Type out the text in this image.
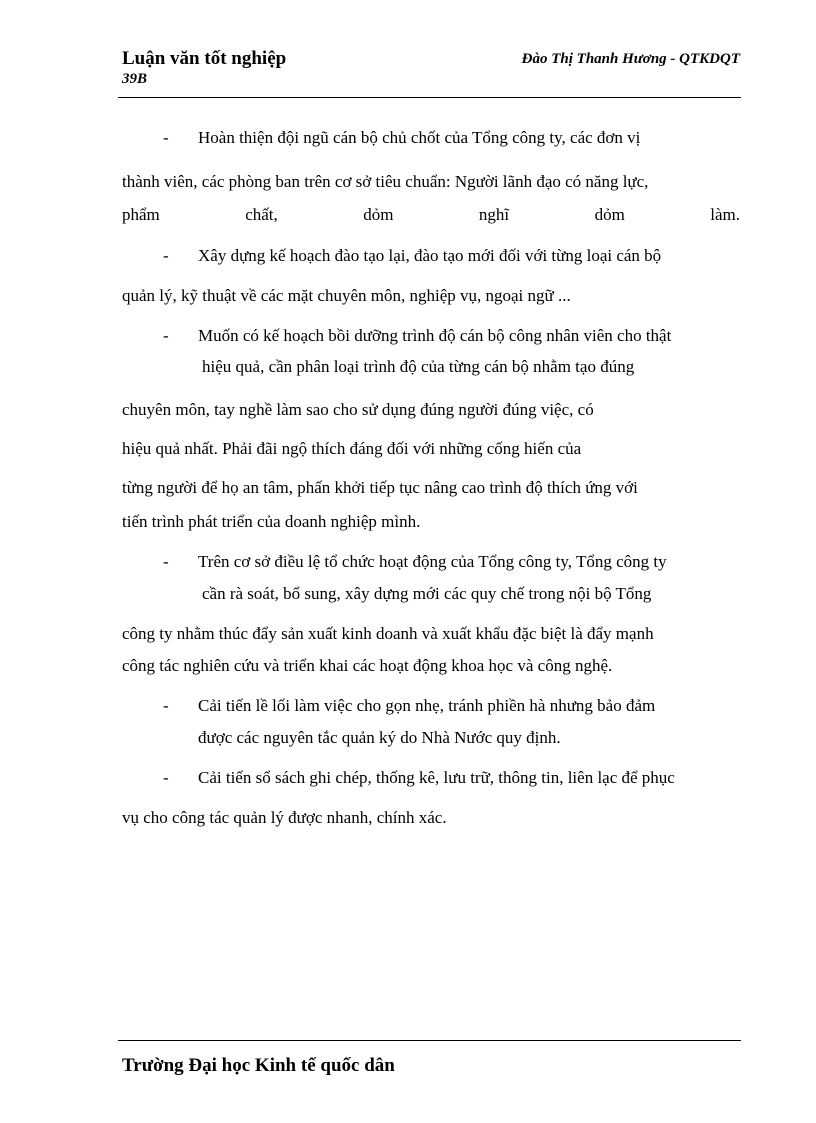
Luận văn tốt nghiệp	Đào Thị Thanh Hương - QTKDQT
39B
- Hoàn thiện đội ngũ cán bộ chủ chốt của Tổng công ty, các đơn vị
thành viên, các phòng ban trên cơ sở tiêu chuẩn: Người lãnh đạo có năng lực,
phẩm	chất,	dỏm	nghĩ	dỏm	làm.
- Xây dựng kế hoạch đào tạo lại, đào tạo mới đối với từng loại cán bộ
quản lý, kỹ thuật về các mặt chuyên môn, nghiệp vụ, ngoại ngữ ...
- Muốn có kế hoạch bồi dưỡng trình độ cán bộ công nhân viên cho thật
hiệu quả, cần phân loại trình độ của từng cán bộ nhằm tạo đúng
chuyên môn, tay nghề làm sao cho sử dụng đúng người đúng việc, có
hiệu quả nhất. Phải đãi ngộ thích đáng đối với những cống hiến của
từng người để họ an tâm, phấn khởi tiếp tục nâng cao trình độ thích ứng với
tiến trình phát triển của doanh nghiệp mình.
- Trên cơ sở điều lệ tổ chức hoạt động của Tổng công ty, Tổng công ty
cần rà soát, bổ sung, xây dựng mới các quy chế trong nội bộ Tổng
công ty nhằm thúc đẩy sản xuất kinh doanh và xuất khẩu đặc biệt là đẩy mạnh
công tác nghiên cứu và triển khai các hoạt động khoa học và công nghệ.
- Cải tiến lề lối làm việc cho gọn nhẹ, tránh phiền hà nhưng bảo đảm
được các nguyên tắc quản ký do Nhà Nước quy định.
- Cải tiến sổ sách ghi chép, thống kê, lưu trữ, thông tin, liên lạc để phục
vụ cho công tác quản lý được nhanh, chính xác.
Trường Đại học Kinh tế quốc dân
